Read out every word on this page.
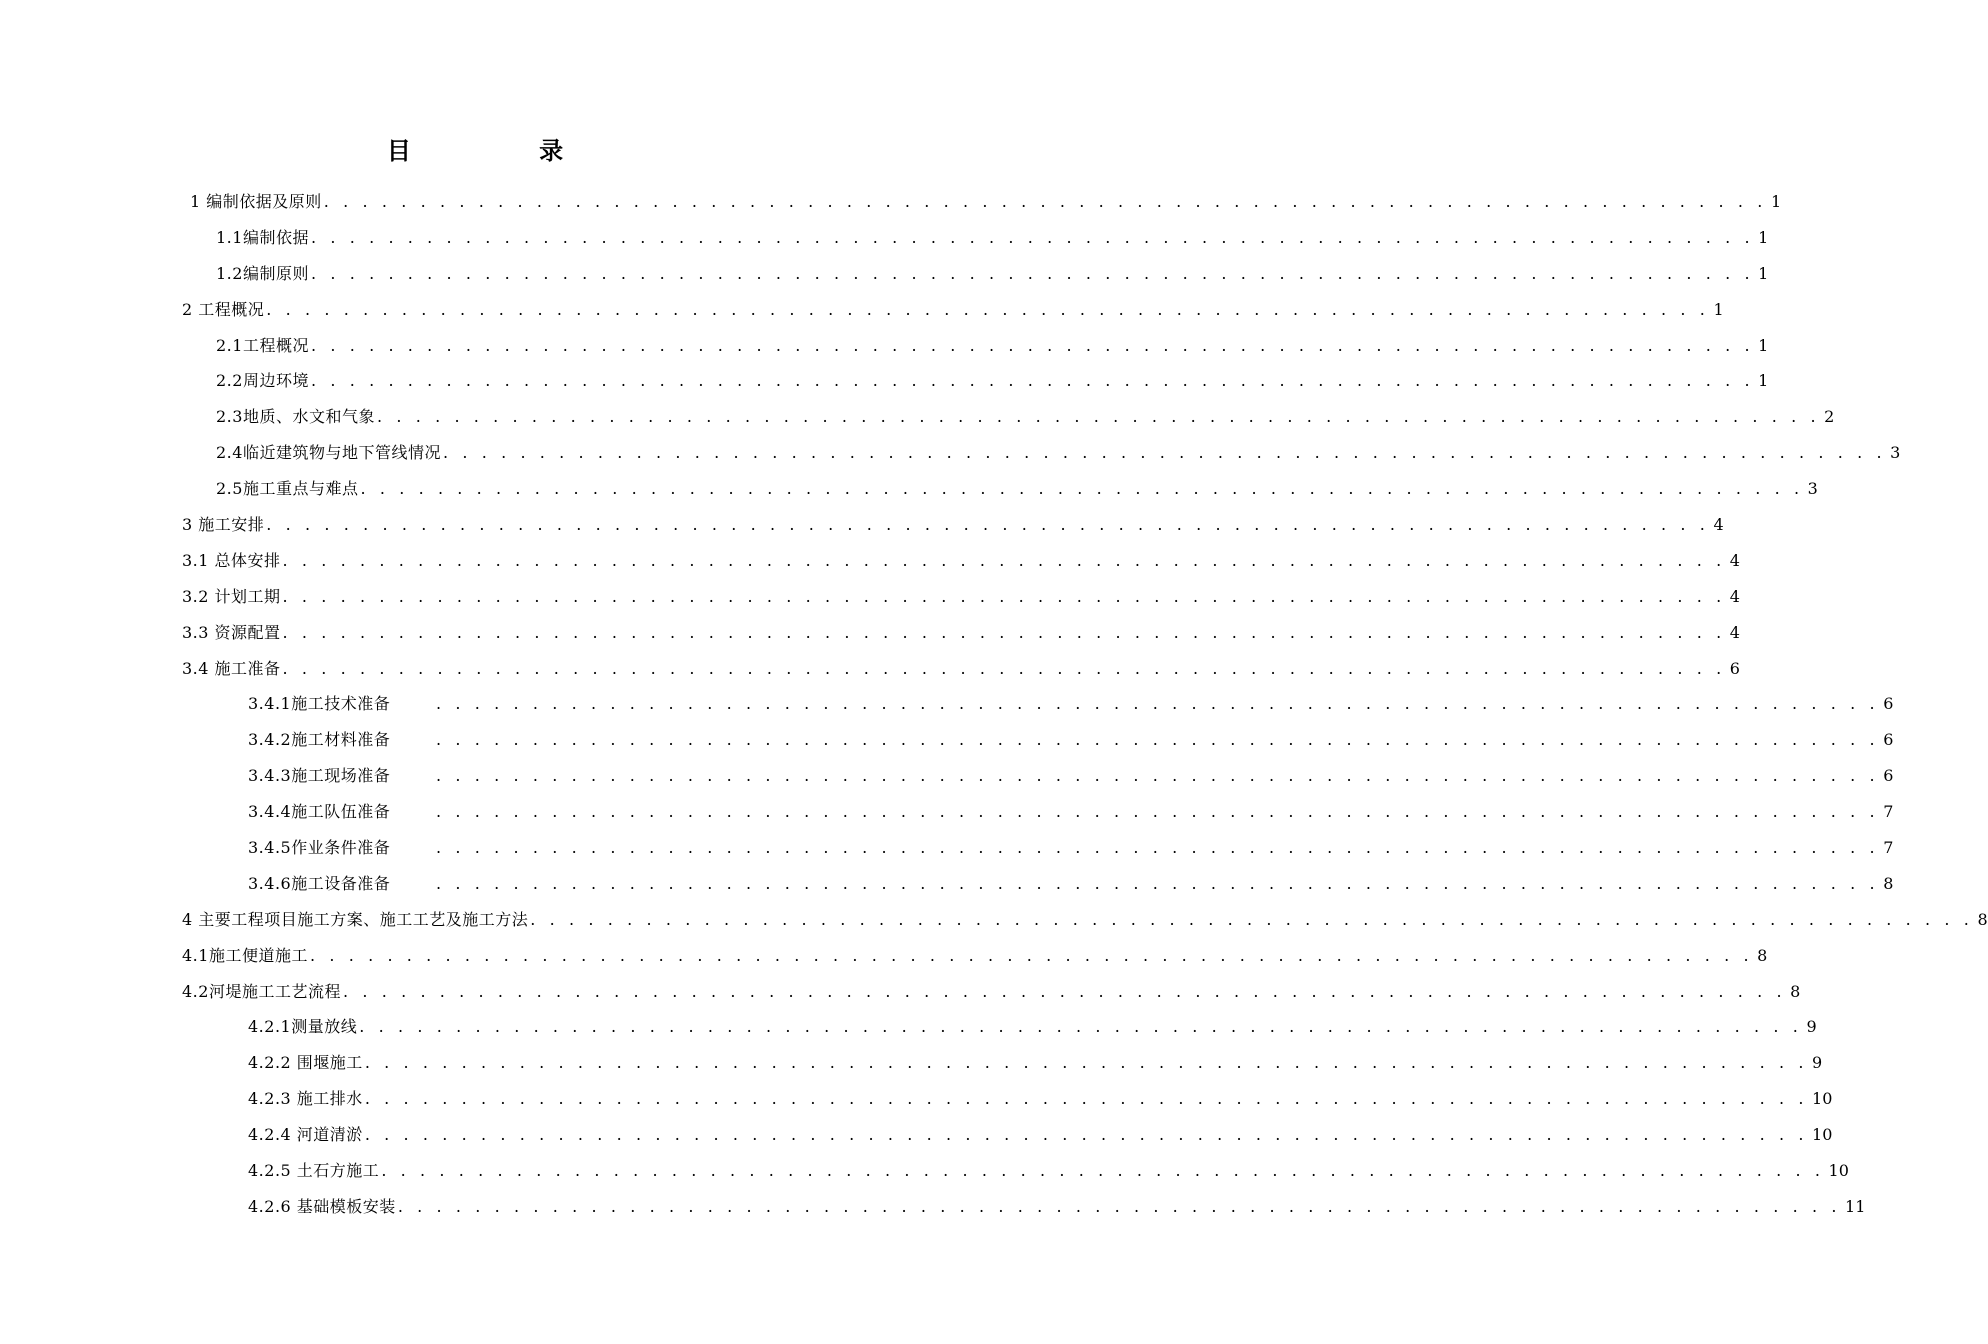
目 录
1 编制依据及原则 . . . . . . . . . . . . . . . . . . . . . . . . . . . . . . . . . . . . . . . . . . . . . . . . . . . . . . . . . . . . . . . . . . . . . . . . . . . 1
1.1编制依据 . . . . . . . . . . . . . . . . . . . . . . . . . . . . . . . . . . . . . . . . . . . . . . . . . . . . . . . . . . . . . . . . . . . . . . . . . . . 1
1.2编制原则 . . . . . . . . . . . . . . . . . . . . . . . . . . . . . . . . . . . . . . . . . . . . . . . . . . . . . . . . . . . . . . . . . . . . . . . . . . . 1
2 工程概况 . . . . . . . . . . . . . . . . . . . . . . . . . . . . . . . . . . . . . . . . . . . . . . . . . . . . . . . . . . . . . . . . . . . . . . . . . . . 1
2.1工程概况 . . . . . . . . . . . . . . . . . . . . . . . . . . . . . . . . . . . . . . . . . . . . . . . . . . . . . . . . . . . . . . . . . . . . . . . . . . . 1
2.2周边环境 . . . . . . . . . . . . . . . . . . . . . . . . . . . . . . . . . . . . . . . . . . . . . . . . . . . . . . . . . . . . . . . . . . . . . . . . . . . 1
2.3地质、水文和气象 . . . . . . . . . . . . . . . . . . . . . . . . . . . . . . . . . . . . . . . . . . . . . . . . . . . . . . . . . . . . . . . . . . . . . . . . . . . 2
2.4临近建筑物与地下管线情况 . . . . . . . . . . . . . . . . . . . . . . . . . . . . . . . . . . . . . . . . . . . . . . . . . . . . . . . . . . . . . . . . . . . . . . . . . . . 3
2.5施工重点与难点 . . . . . . . . . . . . . . . . . . . . . . . . . . . . . . . . . . . . . . . . . . . . . . . . . . . . . . . . . . . . . . . . . . . . . . . . . . . 3
3 施工安排 . . . . . . . . . . . . . . . . . . . . . . . . . . . . . . . . . . . . . . . . . . . . . . . . . . . . . . . . . . . . . . . . . . . . . . . . . . . 4
3.1 总体安排 . . . . . . . . . . . . . . . . . . . . . . . . . . . . . . . . . . . . . . . . . . . . . . . . . . . . . . . . . . . . . . . . . . . . . . . . . . . 4
3.2 计划工期 . . . . . . . . . . . . . . . . . . . . . . . . . . . . . . . . . . . . . . . . . . . . . . . . . . . . . . . . . . . . . . . . . . . . . . . . . . . 4
3.3 资源配置 . . . . . . . . . . . . . . . . . . . . . . . . . . . . . . . . . . . . . . . . . . . . . . . . . . . . . . . . . . . . . . . . . . . . . . . . . . . 4
3.4 施工准备 . . . . . . . . . . . . . . . . . . . . . . . . . . . . . . . . . . . . . . . . . . . . . . . . . . . . . . . . . . . . . . . . . . . . . . . . . . . 6
3.4.1施工技术准备	. . . . . . . . . . . . . . . . . . . . . . . . . . . . . . . . . . . . . . . . . . . . . . . . . . . . . . . . . . . . . . . . . . . . . . . . . . . 6
3.4.2施工材料准备	. . . . . . . . . . . . . . . . . . . . . . . . . . . . . . . . . . . . . . . . . . . . . . . . . . . . . . . . . . . . . . . . . . . . . . . . . . . 6
3.4.3施工现场准备	. . . . . . . . . . . . . . . . . . . . . . . . . . . . . . . . . . . . . . . . . . . . . . . . . . . . . . . . . . . . . . . . . . . . . . . . . . . 6
3.4.4施工队伍准备	. . . . . . . . . . . . . . . . . . . . . . . . . . . . . . . . . . . . . . . . . . . . . . . . . . . . . . . . . . . . . . . . . . . . . . . . . . . 7
3.4.5作业条件准备	. . . . . . . . . . . . . . . . . . . . . . . . . . . . . . . . . . . . . . . . . . . . . . . . . . . . . . . . . . . . . . . . . . . . . . . . . . . 7
3.4.6施工设备准备	. . . . . . . . . . . . . . . . . . . . . . . . . . . . . . . . . . . . . . . . . . . . . . . . . . . . . . . . . . . . . . . . . . . . . . . . . . . 8
4 主要工程项目施工方案、施工工艺及施工方法 . . . . . . . . . . . . . . . . . . . . . . . . . . . . . . . . . . . . . . . . . . . . . . . . . . . . . . . . . . . . . . . . . . . . . . . . . . . 8
4.1施工便道施工 . . . . . . . . . . . . . . . . . . . . . . . . . . . . . . . . . . . . . . . . . . . . . . . . . . . . . . . . . . . . . . . . . . . . . . . . . . . 8
4.2河堤施工工艺流程 . . . . . . . . . . . . . . . . . . . . . . . . . . . . . . . . . . . . . . . . . . . . . . . . . . . . . . . . . . . . . . . . . . . . . . . . . . . 8
4.2.1测量放线 . . . . . . . . . . . . . . . . . . . . . . . . . . . . . . . . . . . . . . . . . . . . . . . . . . . . . . . . . . . . . . . . . . . . . . . . . . . 9
4.2.2 围堰施工 . . . . . . . . . . . . . . . . . . . . . . . . . . . . . . . . . . . . . . . . . . . . . . . . . . . . . . . . . . . . . . . . . . . . . . . . . . . 9
4.2.3 施工排水 . . . . . . . . . . . . . . . . . . . . . . . . . . . . . . . . . . . . . . . . . . . . . . . . . . . . . . . . . . . . . . . . . . . . . . . . . . . 10
4.2.4 河道清淤 . . . . . . . . . . . . . . . . . . . . . . . . . . . . . . . . . . . . . . . . . . . . . . . . . . . . . . . . . . . . . . . . . . . . . . . . . . . 10
4.2.5 土石方施工 . . . . . . . . . . . . . . . . . . . . . . . . . . . . . . . . . . . . . . . . . . . . . . . . . . . . . . . . . . . . . . . . . . . . . . . . . . . 10
4.2.6 基础模板安装 . . . . . . . . . . . . . . . . . . . . . . . . . . . . . . . . . . . . . . . . . . . . . . . . . . . . . . . . . . . . . . . . . . . . . . . . . . . 11
